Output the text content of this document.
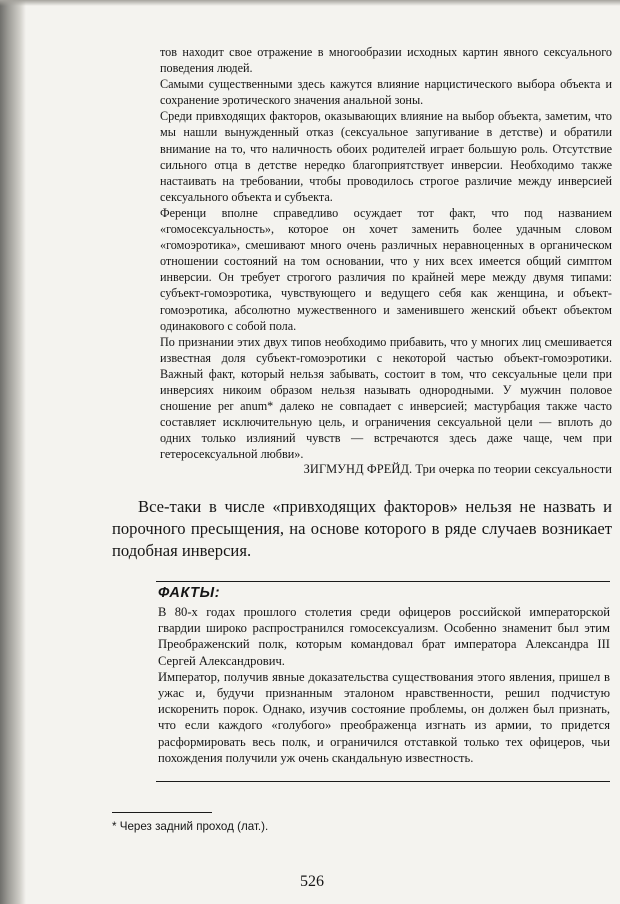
тов находит свое отражение в многообразии исходных картин явного сексуального поведения людей.

Самыми существенными здесь кажутся влияние нарцистического выбора объекта и сохранение эротического значения анальной зоны.

Среди привходящих факторов, оказывающих влияние на выбор объекта, заметим, что мы нашли вынужденный отказ (сексуальное запугивание в детстве) и обратили внимание на то, что наличность обоих родителей играет большую роль. Отсутствие сильного отца в детстве нередко благоприятствует инверсии. Необходимо также настаивать на требовании, чтобы проводилось строгое различие между инверсией сексуального объекта и субъекта.

Ференци вполне справедливо осуждает тот факт, что под названием «гомосексуальность», которое он хочет заменить более удачным словом «гомоэротика», смешивают много очень различных неравноценных в органическом отношении состояний на том основании, что у них всех имеется общий симптом инверсии. Он требует строгого различия по крайней мере между двумя типами: субъект-гомоэротика, чувствующего и ведущего себя как женщина, и объект-гомоэротика, абсолютно мужественного и заменившего женский объект объектом одинакового с собой пола.

По признании этих двух типов необходимо прибавить, что у многих лиц смешивается известная доля субъект-гомоэротики с некоторой частью объект-гомоэротики. Важный факт, который нельзя забывать, состоит в том, что сексуальные цели при инверсиях никоим образом нельзя называть однородными. У мужчин половое сношение per anum* далеко не совпадает с инверсией; мастурбация также часто составляет исключительную цель, и ограничения сексуальной цели — вплоть до одних только излияний чувств — встречаются здесь даже чаще, чем при гетеросексуальной любви».

ЗИГМУНД ФРЕЙД. Три очерка по теории сексуальности
Все-таки в числе «привходящих факторов» нельзя не назвать и порочного пресыщения, на основе которого в ряде случаев возникает подобная инверсия.
ФАКТЫ:

В 80-х годах прошлого столетия среди офицеров российской императорской гвардии широко распространился гомосексуализм. Особенно знаменит был этим Преображенский полк, которым командовал брат императора Александра III Сергей Александрович.

Император, получив явные доказательства существования этого явления, пришел в ужас и, будучи признанным эталоном нравственности, решил подчистую искоренить порок. Однако, изучив состояние проблемы, он должен был признать, что если каждого «голубого» преображенца изгнать из армии, то придется расформировать весь полк, и ограничился отставкой только тех офицеров, чьи похождения получили уж очень скандальную известность.

* Через задний проход (лат.).
526
